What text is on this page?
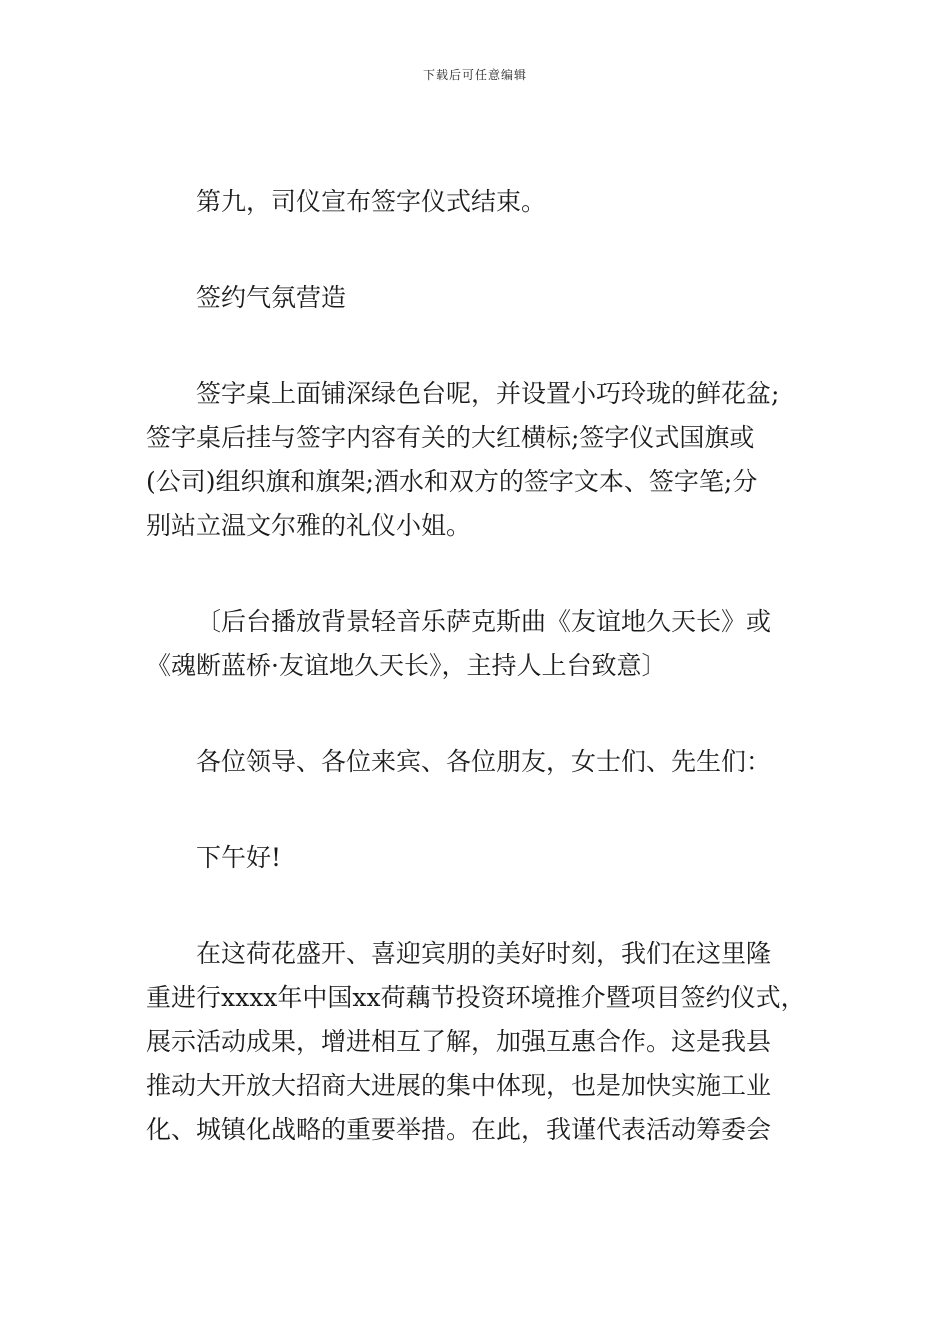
下载后可任意编辑

第九，司仪宣布签字仪式结束。

签约气氛营造

签字桌上面铺深绿色台呢，并设置小巧玲珑的鲜花盆;
签字桌后挂与签字内容有关的大红横标;签字仪式国旗或
(公司)组织旗和旗架;酒水和双方的签字文本、签字笔;分
别站立温文尔雅的礼仪小姐。

〔后台播放背景轻音乐萨克斯曲《友谊地久天长》或
《魂断蓝桥·友谊地久天长》，主持人上台致意〕

各位领导、各位来宾、各位朋友，女士们、先生们：

下午好!

在这荷花盛开、喜迎宾朋的美好时刻，我们在这里隆
重进行xxxx年中国xx荷藕节投资环境推介暨项目签约仪式，
展示活动成果，增进相互了解，加强互惠合作。这是我县
推动大开放大招商大进展的集中体现，也是加快实施工业
化、城镇化战略的重要举措。在此，我谨代表活动筹委会
